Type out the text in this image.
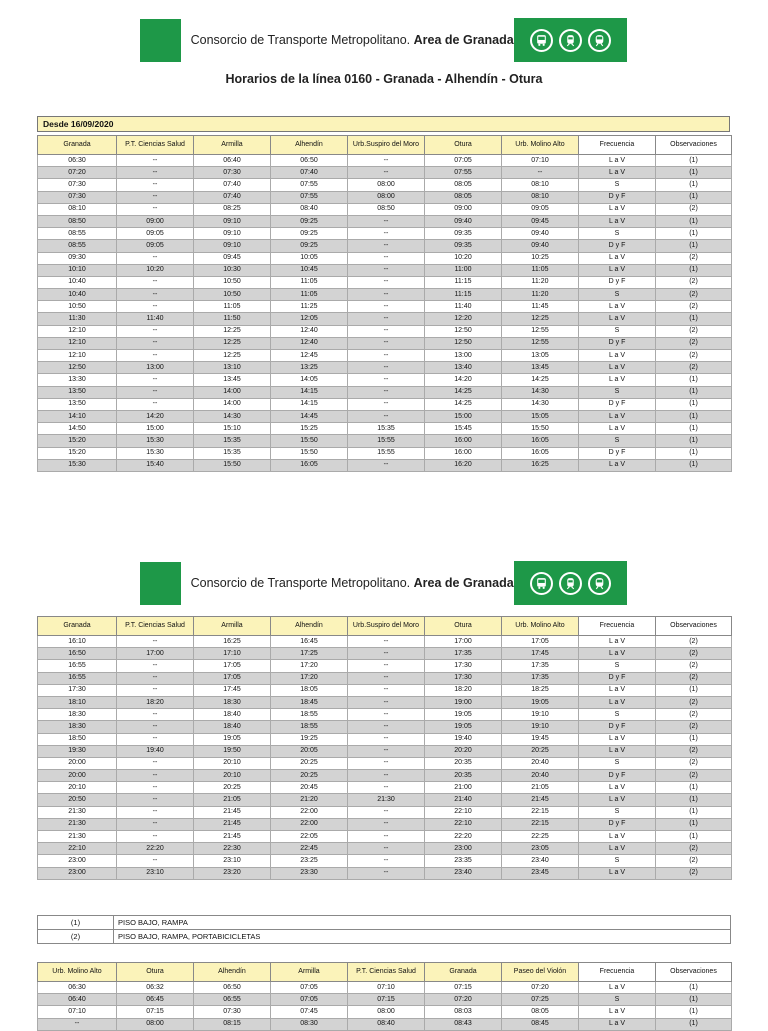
Consorcio de Transporte Metropolitano. Area de Granada
Horarios de la línea 0160 - Granada - Alhendín - Otura
Desde 16/09/2020
Granada	P.T. Ciencias Salud	Armilla	Alhendín	Urb.Suspiro del Moro	Otura	Urb. Molino Alto	Frecuencia	Observaciones
06:30	--	06:40	06:50	--	07:05	07:10	L a V	(1)
07:20	--	07:30	07:40	--	07:55	--	L a V	(1)
07:30	--	07:40	07:55	08:00	08:05	08:10	S	(1)
07:30	--	07:40	07:55	08:00	08:05	08:10	D y F	(1)
08:10	--	08:25	08:40	08:50	09:00	09:05	L a V	(2)
08:50	09:00	09:10	09:25	--	09:40	09:45	L a V	(1)
08:55	09:05	09:10	09:25	--	09:35	09:40	S	(1)
08:55	09:05	09:10	09:25	--	09:35	09:40	D y F	(1)
09:30	--	09:45	10:05	--	10:20	10:25	L a V	(2)
10:10	10:20	10:30	10:45	--	11:00	11:05	L a V	(1)
10:40	--	10:50	11:05	--	11:15	11:20	D y F	(2)
10:40	--	10:50	11:05	--	11:15	11:20	S	(2)
10:50	--	11:05	11:25	--	11:40	11:45	L a V	(2)
11:30	11:40	11:50	12:05	--	12:20	12:25	L a V	(1)
12:10	--	12:25	12:40	--	12:50	12:55	S	(2)
12:10	--	12:25	12:40	--	12:50	12:55	D y F	(2)
12:10	--	12:25	12:45	--	13:00	13:05	L a V	(2)
12:50	13:00	13:10	13:25	--	13:40	13:45	L a V	(2)
13:30	--	13:45	14:05	--	14:20	14:25	L a V	(1)
13:50	--	14:00	14:15	--	14:25	14:30	S	(1)
13:50	--	14:00	14:15	--	14:25	14:30	D y F	(1)
14:10	14:20	14:30	14:45	--	15:00	15:05	L a V	(1)
14:50	15:00	15:10	15:25	15:35	15:45	15:50	L a V	(1)
15:20	15:30	15:35	15:50	15:55	16:00	16:05	S	(1)
15:20	15:30	15:35	15:50	15:55	16:00	16:05	D y F	(1)
15:30	15:40	15:50	16:05	--	16:20	16:25	L a V	(1)
Consorcio de Transporte Metropolitano. Area de Granada
Granada	P.T. Ciencias Salud	Armilla	Alhendín	Urb.Suspiro del Moro	Otura	Urb. Molino Alto	Frecuencia	Observaciones
16:10	--	16:25	16:45	--	17:00	17:05	L a V	(2)
16:50	17:00	17:10	17:25	--	17:35	17:45	L a V	(2)
16:55	--	17:05	17:20	--	17:30	17:35	S	(2)
16:55	--	17:05	17:20	--	17:30	17:35	D y F	(2)
17:30	--	17:45	18:05	--	18:20	18:25	L a V	(1)
18:10	18:20	18:30	18:45	--	19:00	19:05	L a V	(2)
18:30	--	18:40	18:55	--	19:05	19:10	S	(2)
18:30	--	18:40	18:55	--	19:05	19:10	D y F	(2)
18:50	--	19:05	19:25	--	19:40	19:45	L a V	(1)
19:30	19:40	19:50	20:05	--	20:20	20:25	L a V	(2)
20:00	--	20:10	20:25	--	20:35	20:40	S	(2)
20:00	--	20:10	20:25	--	20:35	20:40	D y F	(2)
20:10	--	20:25	20:45	--	21:00	21:05	L a V	(1)
20:50	--	21:05	21:20	21:30	21:40	21:45	L a V	(1)
21:30	--	21:45	22:00	--	22:10	22:15	S	(1)
21:30	--	21:45	22:00	--	22:10	22:15	D y F	(1)
21:30	--	21:45	22:05	--	22:20	22:25	L a V	(1)
22:10	22:20	22:30	22:45	--	23:00	23:05	L a V	(2)
23:00	--	23:10	23:25	--	23:35	23:40	S	(2)
23:00	23:10	23:20	23:30	--	23:40	23:45	L a V	(2)
(1)	PISO BAJO, RAMPA
(2)	PISO BAJO, RAMPA, PORTABICICLETAS
Urb. Molino Alto	Otura	Alhendín	Armilla	P.T. Ciencias Salud	Granada	Paseo del Violón	Frecuencia	Observaciones
06:30	06:32	06:50	07:05	07:10	07:15	07:20	L a V	(1)
06:40	06:45	06:55	07:05	07:15	07:20	07:25	S	(1)
07:10	07:15	07:30	07:45	08:00	08:03	08:05	L a V	(1)
--	08:00	08:15	08:30	08:40	08:43	08:45	L a V	(1)
